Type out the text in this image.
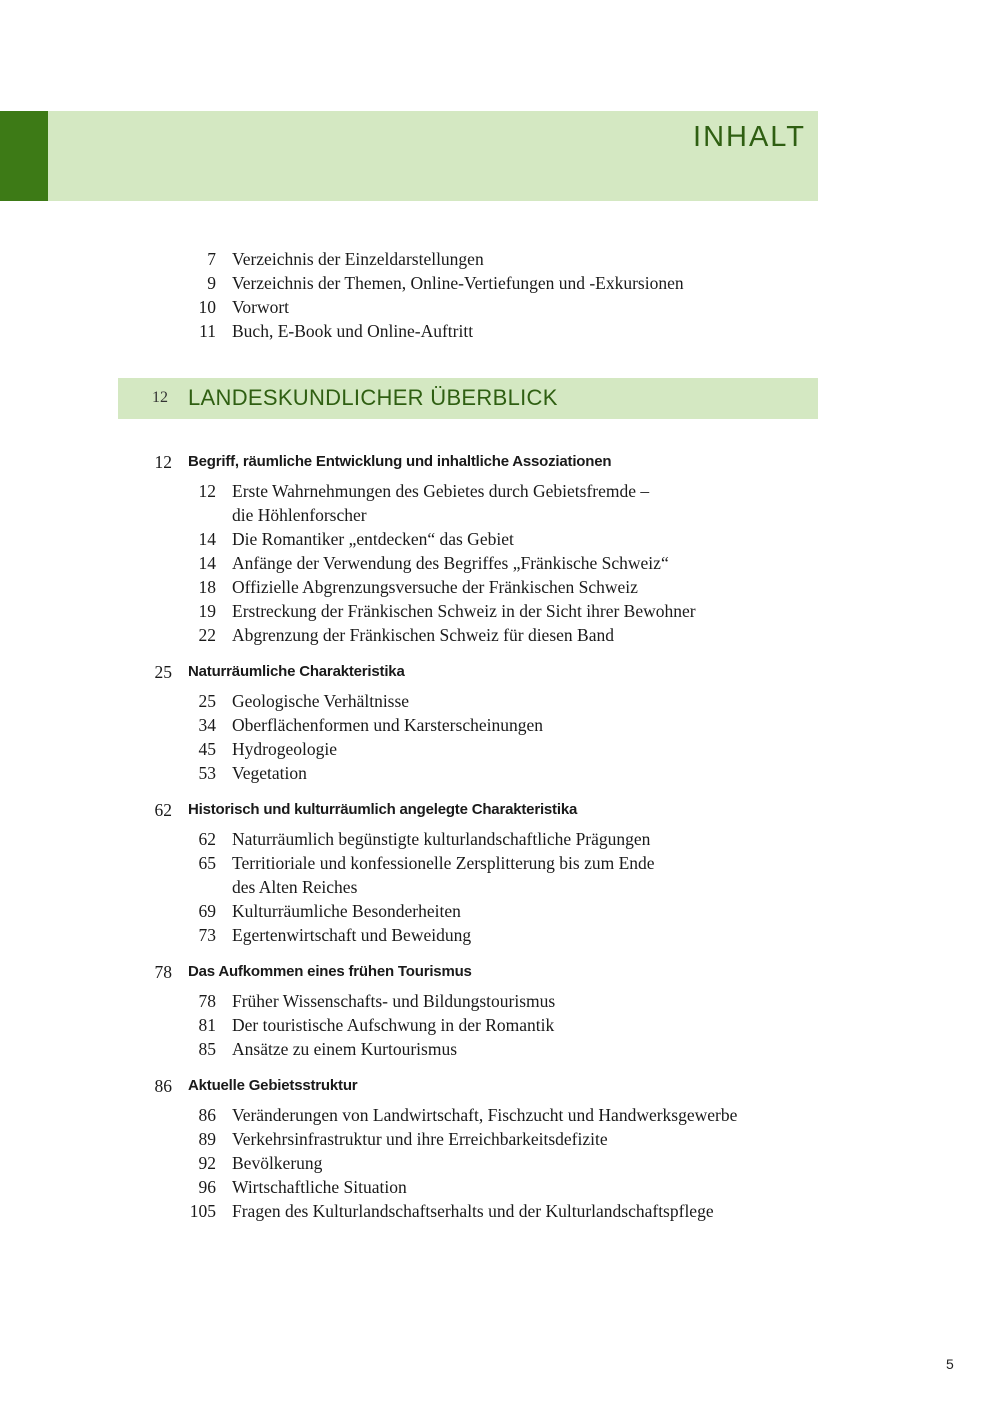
INHALT
7 Verzeichnis der Einzeldarstellungen
9 Verzeichnis der Themen, Online-Vertiefungen und -Exkursionen
10 Vorwort
11 Buch, E-Book und Online-Auftritt
12 LANDESKUNDLICHER ÜBERBLICK
12 Begriff, räumliche Entwicklung und inhaltliche Assoziationen
12 Erste Wahrnehmungen des Gebietes durch Gebietsfremde –
die Höhlenforscher
14 Die Romantiker „entdecken“ das Gebiet
14 Anfänge der Verwendung des Begriffes „Fränkische Schweiz“
18 Offizielle Abgrenzungsversuche der Fränkischen Schweiz
19 Erstreckung der Fränkischen Schweiz in der Sicht ihrer Bewohner
22 Abgrenzung der Fränkischen Schweiz für diesen Band
25 Naturräumliche Charakteristika
25 Geologische Verhältnisse
34 Oberflächenformen und Karsterscheinungen
45 Hydrogeologie
53 Vegetation
62 Historisch und kulturräumlich angelegte Charakteristika
62 Naturräumlich begünstigte kulturlandschaftliche Prägungen
65 Territioriale und konfessionelle Zersplitterung bis zum Ende
des Alten Reiches
69 Kulturräumliche Besonderheiten
73 Egertenwirtschaft und Beweidung
78 Das Aufkommen eines frühen Tourismus
78 Früher Wissenschafts- und Bildungstourismus
81 Der touristische Aufschwung in der Romantik
85 Ansätze zu einem Kurtourismus
86 Aktuelle Gebietsstruktur
86 Veränderungen von Landwirtschaft, Fischzucht und Handwerksgewerbe
89 Verkehrsinfrastruktur und ihre Erreichbarkeitsdefizite
92 Bevölkerung
96 Wirtschaftliche Situation
105 Fragen des Kulturlandschaftserhalts und der Kulturlandschaftspflege
5
